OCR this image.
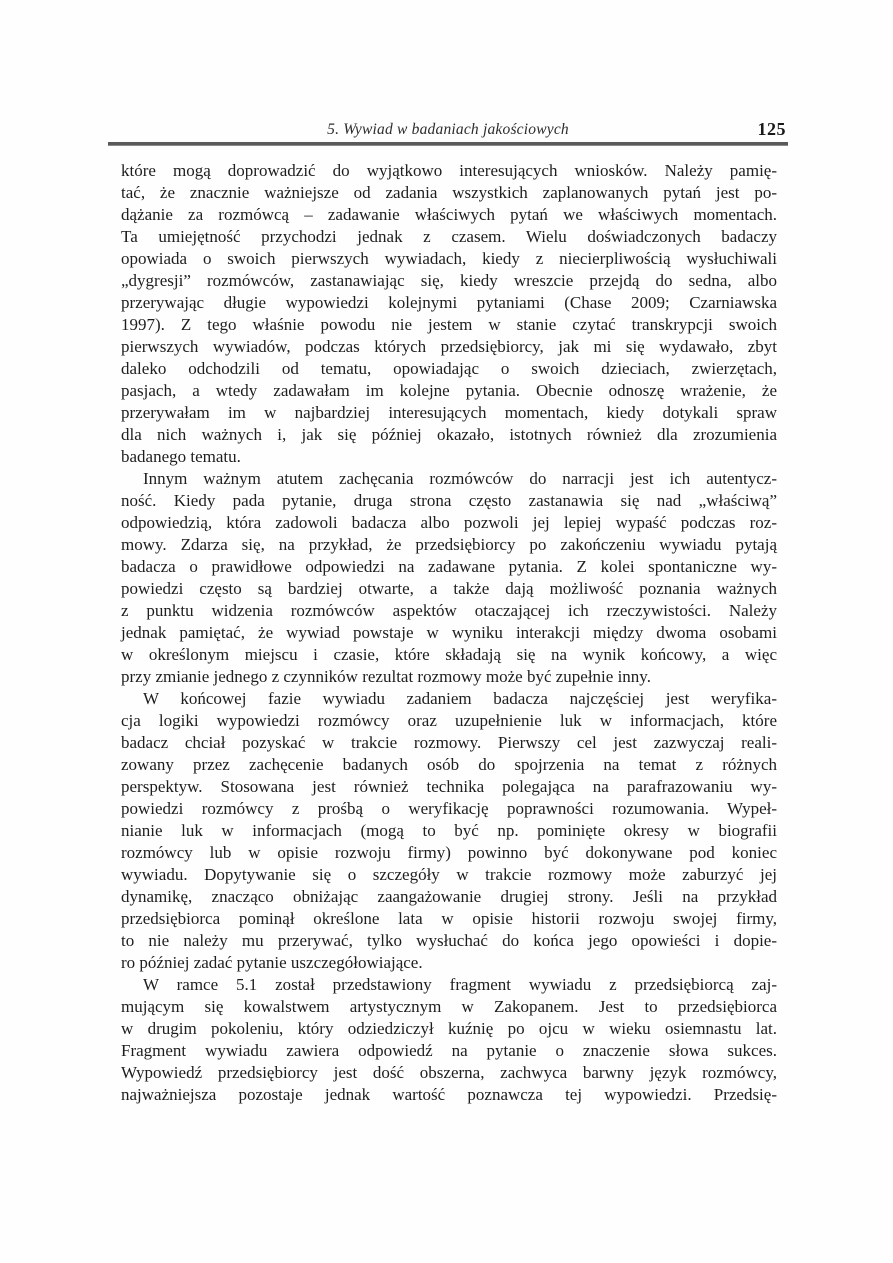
5. Wywiad w badaniach jakościowych	125
które mogą doprowadzić do wyjątkowo interesujących wniosków. Należy pamię-
tać, że znacznie ważniejsze od zadania wszystkich zaplanowanych pytań jest po-
dążanie za rozmówcą – zadawanie właściwych pytań we właściwych momentach.
Ta umiejętność przychodzi jednak z czasem. Wielu doświadczonych badaczy
opowiada o swoich pierwszych wywiadach, kiedy z niecierpliwością wysłuchiwali
„dygresji” rozmówców, zastanawiając się, kiedy wreszcie przejdą do sedna, albo
przerywając długie wypowiedzi kolejnymi pytaniami (Chase 2009; Czarniawska
1997). Z tego właśnie powodu nie jestem w stanie czytać transkrypcji swoich
pierwszych wywiadów, podczas których przedsiębiorcy, jak mi się wydawało, zbyt
daleko odchodzili od tematu, opowiadając o swoich dzieciach, zwierzętach,
pasjach, a wtedy zadawałam im kolejne pytania. Obecnie odnoszę wrażenie, że
przerywałam im w najbardziej interesujących momentach, kiedy dotykali spraw
dla nich ważnych i, jak się później okazało, istotnych również dla zrozumienia
badanego tematu.
Innym ważnym atutem zachęcania rozmówców do narracji jest ich autentycz-
ność. Kiedy pada pytanie, druga strona często zastanawia się nad „właściwą”
odpowiedzią, która zadowoli badacza albo pozwoli jej lepiej wypaść podczas roz-
mowy. Zdarza się, na przykład, że przedsiębiorcy po zakończeniu wywiadu pytają
badacza o prawidłowe odpowiedzi na zadawane pytania. Z kolei spontaniczne wy-
powiedzi często są bardziej otwarte, a także dają możliwość poznania ważnych
z punktu widzenia rozmówców aspektów otaczającej ich rzeczywistości. Należy
jednak pamiętać, że wywiad powstaje w wyniku interakcji między dwoma osobami
w określonym miejscu i czasie, które składają się na wynik końcowy, a więc
przy zmianie jednego z czynników rezultat rozmowy może być zupełnie inny.
W końcowej fazie wywiadu zadaniem badacza najczęściej jest weryfika-
cja logiki wypowiedzi rozmówcy oraz uzupełnienie luk w informacjach, które
badacz chciał pozyskać w trakcie rozmowy. Pierwszy cel jest zazwyczaj reali-
zowany przez zachęcenie badanych osób do spojrzenia na temat z różnych
perspektyw. Stosowana jest również technika polegająca na parafrazowaniu wy-
powiedzi rozmówcy z prośbą o weryfikację poprawności rozumowania. Wypeł-
nianie luk w informacjach (mogą to być np. pominięte okresy w biografii
rozmówcy lub w opisie rozwoju firmy) powinno być dokonywane pod koniec
wywiadu. Dopytywanie się o szczegóły w trakcie rozmowy może zaburzyć jej
dynamikę, znacząco obniżając zaangażowanie drugiej strony. Jeśli na przykład
przedsiębiorca pominął określone lata w opisie historii rozwoju swojej firmy,
to nie należy mu przerywać, tylko wysłuchać do końca jego opowieści i dopie-
ro później zadać pytanie uszczegółowiające.
W ramce 5.1 został przedstawiony fragment wywiadu z przedsiębiorcą zaj-
mującym się kowalstwem artystycznym w Zakopanem. Jest to przedsiębiorca
w drugim pokoleniu, który odziedziczył kuźnię po ojcu w wieku osiemnastu lat.
Fragment wywiadu zawiera odpowiedź na pytanie o znaczenie słowa sukces.
Wypowiedź przedsiębiorcy jest dość obszerna, zachwyca barwny język rozmówcy,
najważniejsza pozostaje jednak wartość poznawcza tej wypowiedzi. Przedsię-
